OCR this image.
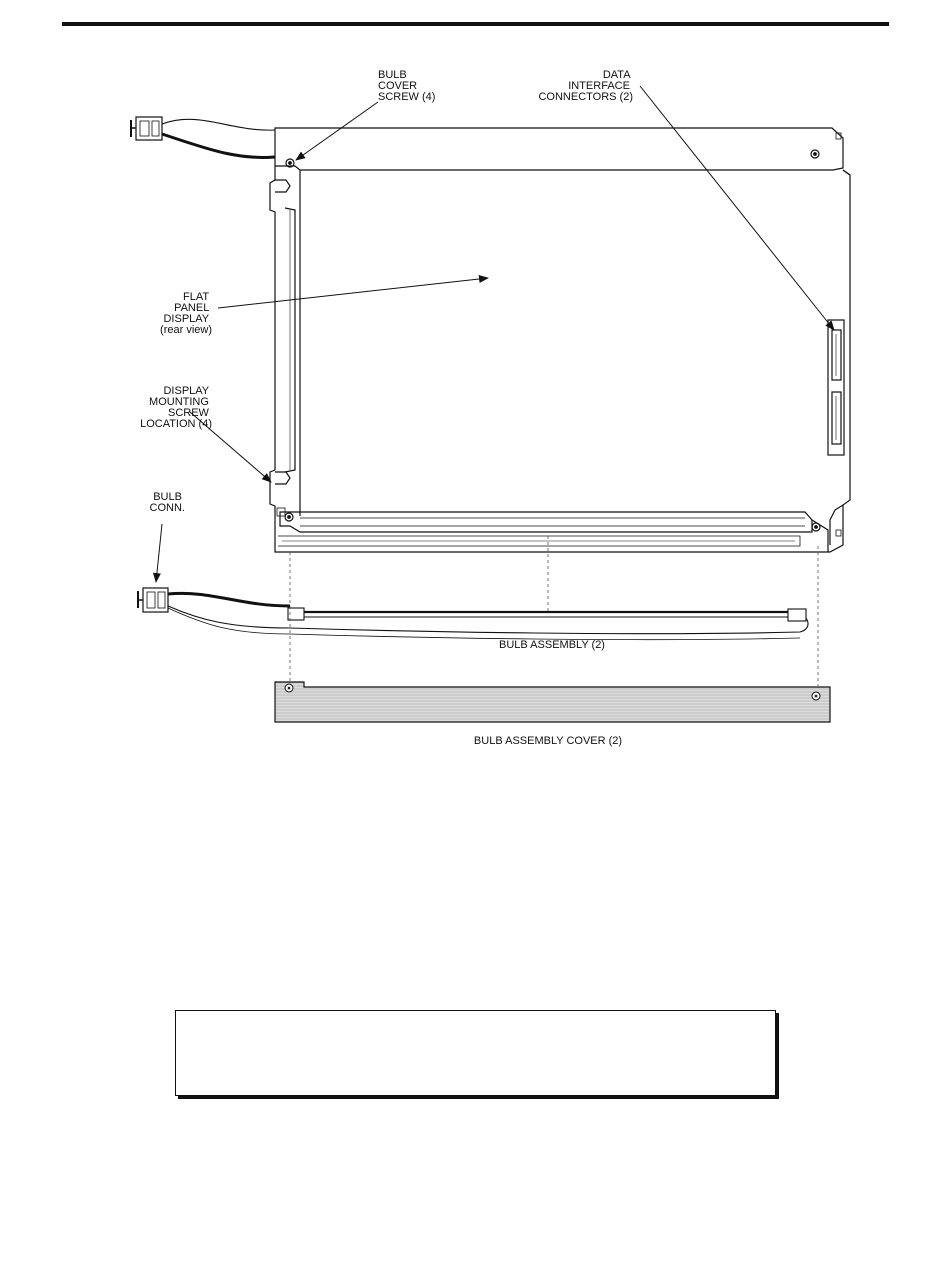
BULB COVER SCREW (4)
DATA INTERFACE CONNECTORS (2)
FLAT PANEL DISPLAY (rear view)
DISPLAY MOUNTING SCREW LOCATION (4)
BULB CONN.
BULB ASSEMBLY (2)
BULB ASSEMBLY COVER (2)
